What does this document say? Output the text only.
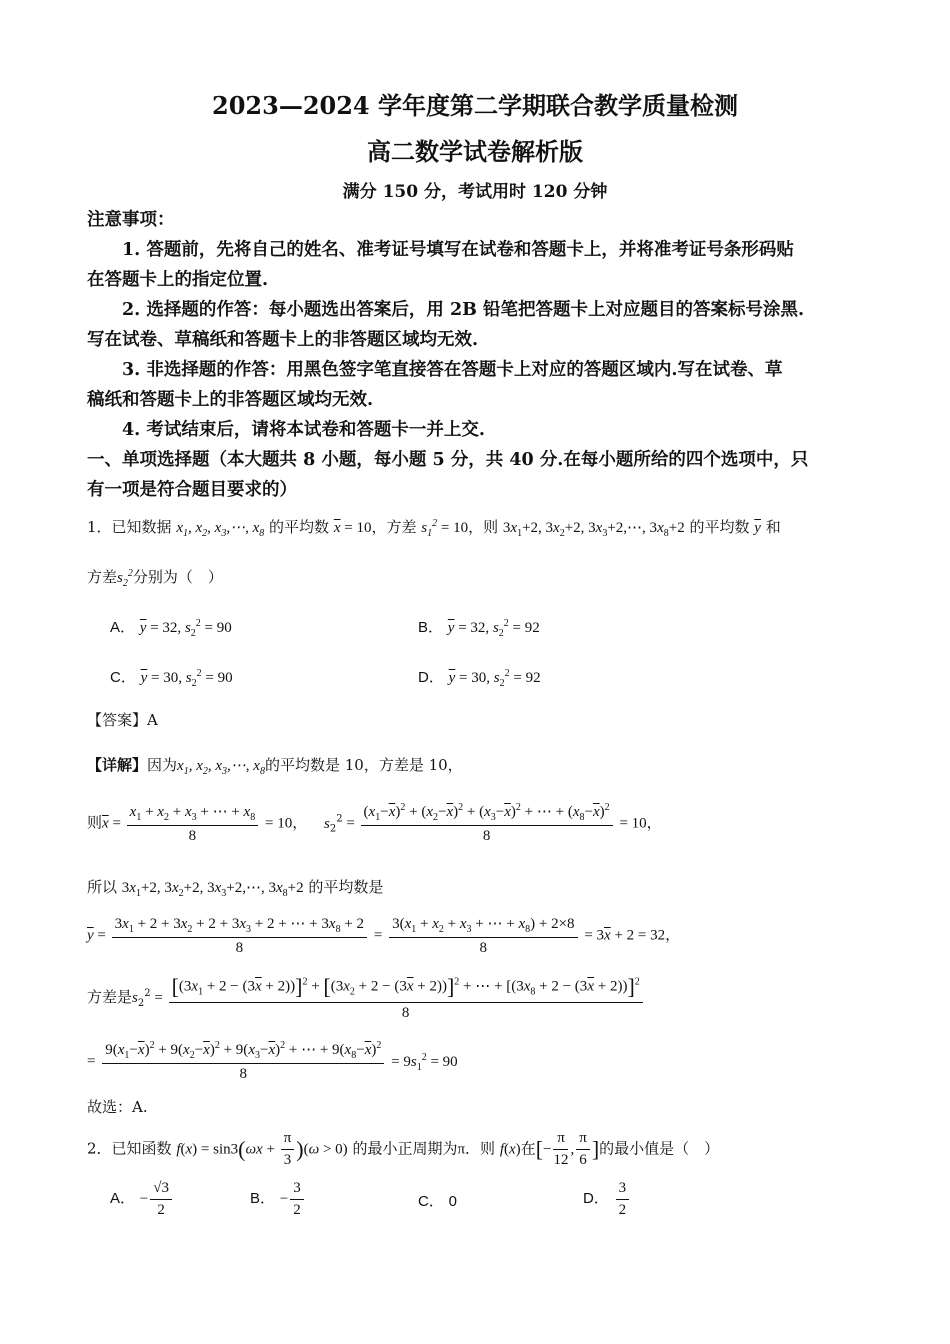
2023—2024 学年度第二学期联合教学质量检测
高二数学试卷解析版
满分 150 分，考试用时 120 分钟
注意事项：
1. 答题前，先将自己的姓名、准考证号填写在试卷和答题卡上，并将准考证号条形码贴
在答题卡上的指定位置.
2. 选择题的作答：每小题选出答案后，用 2B 铅笔把答题卡上对应题目的答案标号涂黑.
写在试卷、草稿纸和答题卡上的非答题区域均无效.
3. 非选择题的作答：用黑色签字笔直接答在答题卡上对应的答题区域内.写在试卷、草
稿纸和答题卡上的非答题区域均无效.
4. 考试结束后，请将本试卷和答题卡一并上交.
一、单项选择题（本大题共 8 小题，每小题 5 分，共 40 分.在每小题所给的四个选项中，只
有一项是符合题目要求的）
1．已知数据 $x_1$, $x_2$, $x_3,\cdots$, $x_8$ 的平均数 $\overline{x} = 10$，方差 $s_1^2 = 10$，则 $3x_1+2$, $3x_2+2$, $3x_3+2,\cdots$, $3x_8+2$ 的平均数 $\overline{y}$ 和
方差$s_2^2$分别为（　）
A． $\overline{y} = 32$, $s_2^2 = 90$	B． $\overline{y} = 32$, $s_2^2 = 92$
C． $\overline{y} = 30$, $s_2^2 = 90$	D． $\overline{y} = 30$, $s_2^2 = 92$
【答案】A
【详解】因为$x_1$, $x_2$, $x_3,\cdots$, $x_8$的平均数是 10，方差是 10，
则$\overline{x} = \frac{x_1 + x_2 + x_3 + \cdots + x_8}{8} = 10$， $s_2^2 = \frac{(x_1-\overline{x})^2 + (x_2-\overline{x})^2 + (x_3-\overline{x})^2 + \cdots + (x_8-\overline{x})^2}{8} = 10$，
所以 $3x_1+2$, $3x_2+2$, $3x_3+2,\cdots$, $3x_8+2$ 的平均数是
$\overline{y} = \frac{3x_1 + 2 + 3x_2 + 2 + 3x_3 + 2 + \cdots + 3x_8 + 2}{8} = \frac{3(x_1 + x_2 + x_3 + \cdots + x_8) + 2\times 8}{8} = 3\overline{x} + 2 = 32$，
方差是$s_2^2 = [(3x_1 + 2 - (3\overline{x} + 2))]^2 + [(3x_2 + 2 - (3\overline{x} + 2))]^2$ + ⋯ + $[(3x_8 + 2 - (3\overline{x} + 2))]^2$
8
= $\frac{9(x_1-\overline{x})^2 + 9(x_2-\overline{x})^2 + 9(x_3-\overline{x})^2 + \cdots + 9(x_8-\overline{x})^2}{8} = 9s_1^2 = 90$
故选：A.
2．已知函数 $f(x) = \sin 3(\omega x + \frac{\pi}{3} )(\omega > 0)$ 的最小正周期为π．则 f(x)在[− $\frac{\pi}{12}$ , $\frac{\pi}{6}$ ]的最小值是（　）
A． − $\frac{√3}{2}$	B． − $\frac{3}{2}$	C． 0	D． $\frac{3}{2}$
